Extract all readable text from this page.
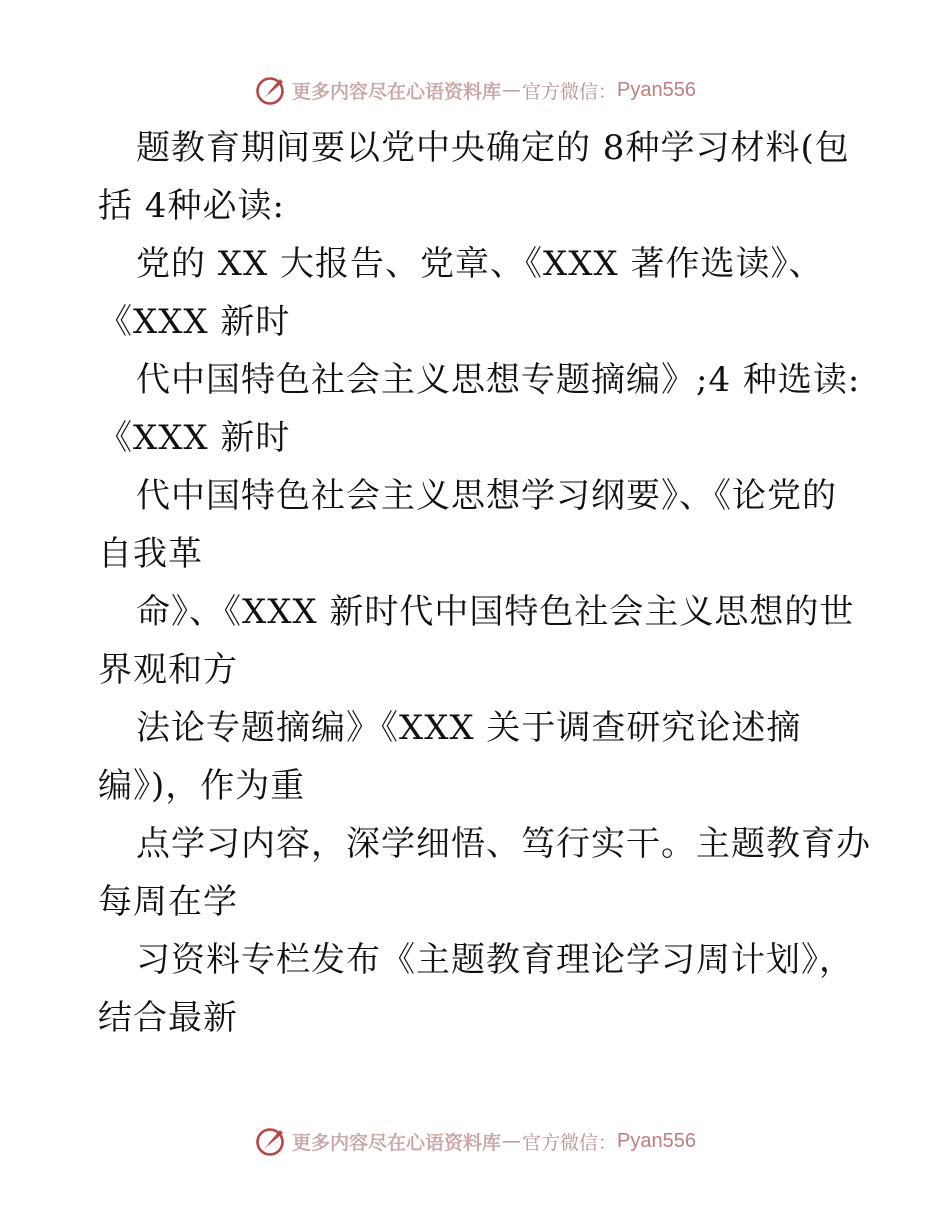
更多内容尽在心语资料库 — 官方微信： Pyan556
题教育期间要以党中央确定的 8种学习材料(包
括 4种必读:
党的 XX 大报告、党章、《XXX 著作选读》、
《XXX 新时
代中国特色社会主义思想专题摘编》;4 种选读:
《XXX 新时
代中国特色社会主义思想学习纲要》、《论党的
自我革
命》、《XXX 新时代中国特色社会主义思想的世
界观和方
法论专题摘编》《XXX 关于调查研究论述摘
编》)，作为重
点学习内容，深学细悟、笃行实干。主题教育办
每周在学
习资料专栏发布《主题教育理论学习周计划》，
结合最新
更多内容尽在心语资料库 — 官方微信： Pyan556
